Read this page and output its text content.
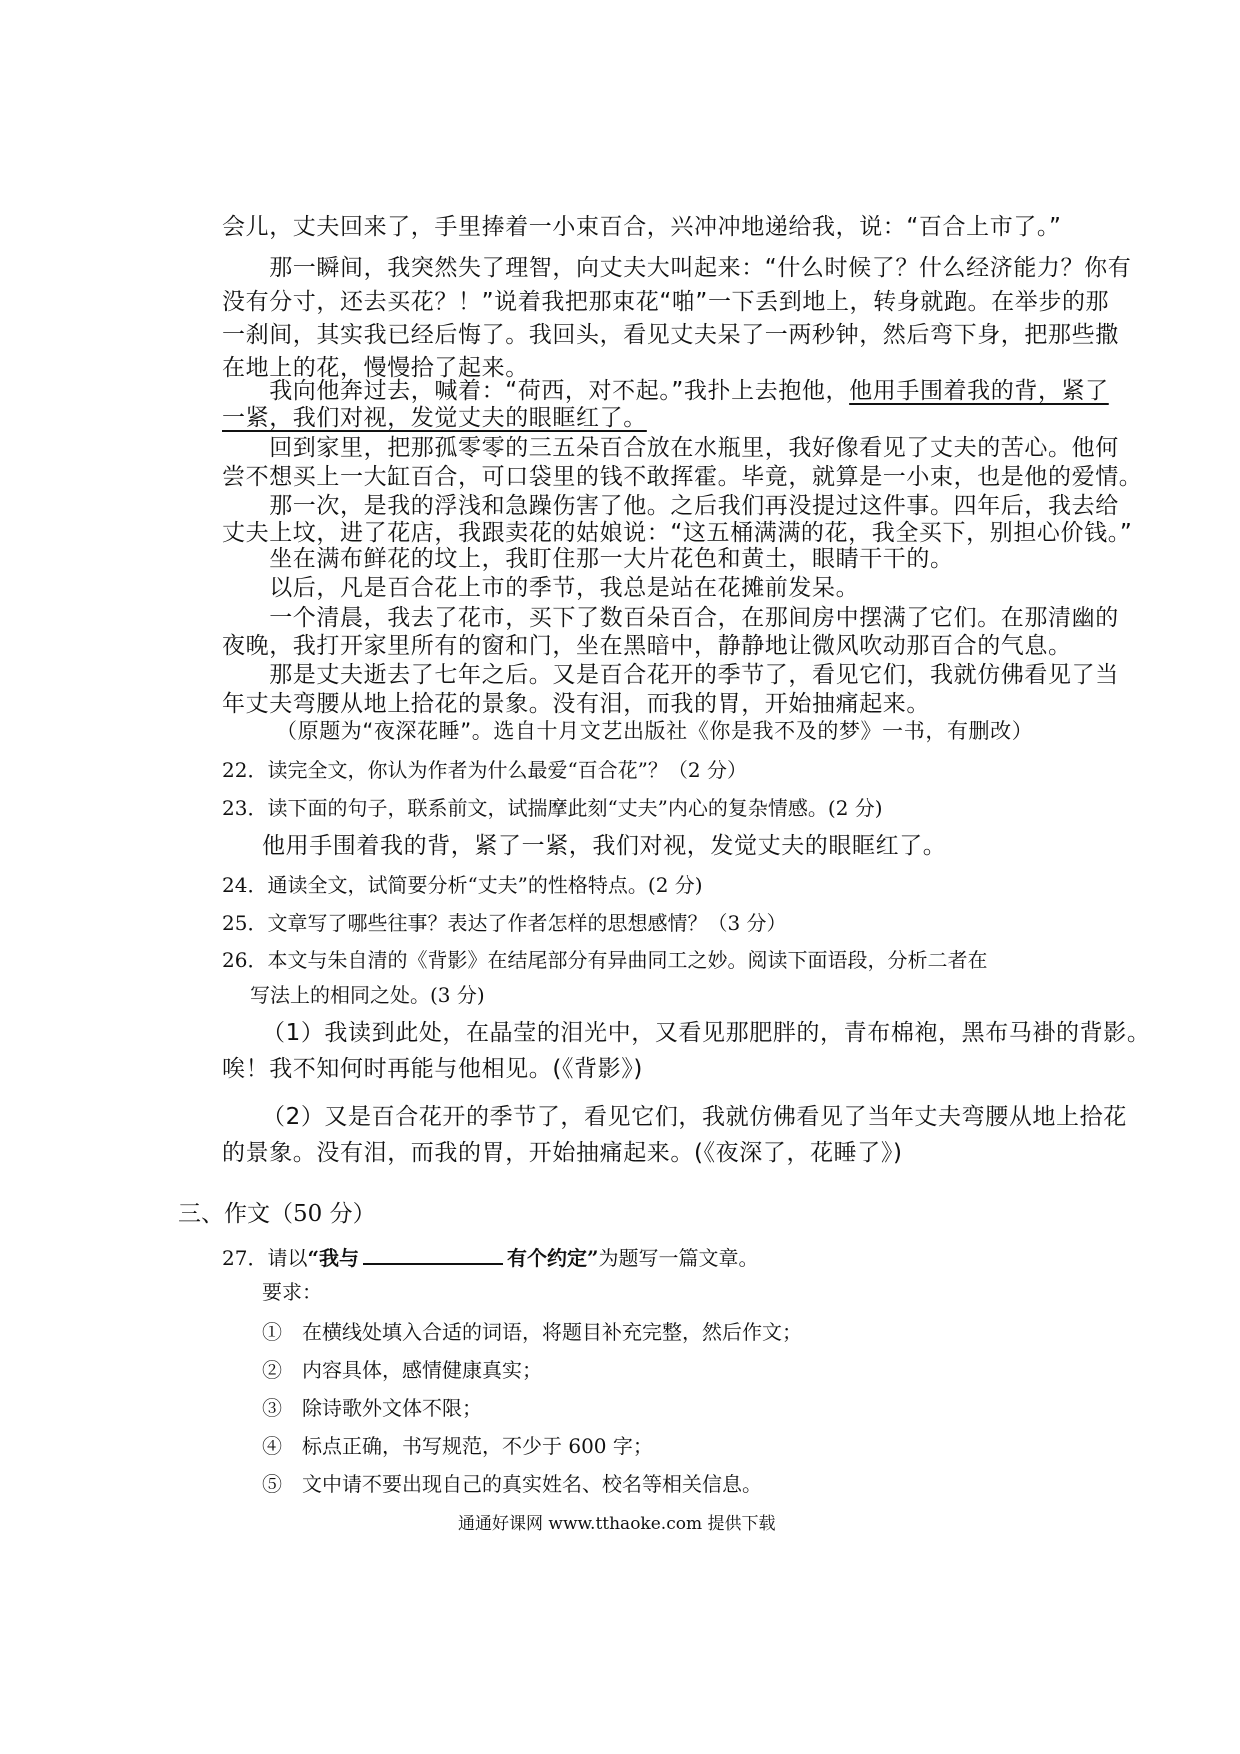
会儿，丈夫回来了，手里捧着一小束百合，兴冲冲地递给我，说：“百合上市了。”
　　那一瞬间，我突然失了理智，向丈夫大叫起来：“什么时候了？什么经济能力？你有
没有分寸，还去买花？！”说着我把那束花“啪”一下丢到地上，转身就跑。在举步的那
一刹间，其实我已经后悔了。我回头，看见丈夫呆了一两秒钟，然后弯下身，把那些撒
在地上的花，慢慢拾了起来。
　　我向他奔过去，喊着：“荷西，对不起。”我扑上去抱他，他用手围着我的背，紧了
一紧，我们对视，发觉丈夫的眼眶红了。
　　回到家里，把那孤零零的三五朵百合放在水瓶里，我好像看见了丈夫的苦心。他何
尝不想买上一大缸百合，可口袋里的钱不敢挥霍。毕竟，就算是一小束，也是他的爱情。
　　那一次，是我的浮浅和急躁伤害了他。之后我们再没提过这件事。四年后，我去给
丈夫上坟，进了花店，我跟卖花的姑娘说：“这五桶满满的花，我全买下，别担心价钱。”
　　坐在满布鲜花的坟上，我盯住那一大片花色和黄土，眼睛干干的。
　　以后，凡是百合花上市的季节，我总是站在花摊前发呆。
　　一个清晨，我去了花市，买下了数百朵百合，在那间房中摆满了它们。在那清幽的
夜晚，我打开家里所有的窗和门，坐在黑暗中，静静地让微风吹动那百合的气息。
　　那是丈夫逝去了七年之后。又是百合花开的季节了，看见它们，我就仿佛看见了当
年丈夫弯腰从地上拾花的景象。没有泪，而我的胃，开始抽痛起来。
（原题为“夜深花睡”。选自十月文艺出版社《你是我不及的梦》一书，有删改）
22．读完全文，你认为作者为什么最爱“百合花”？（2 分）
23．读下面的句子，联系前文，试揣摩此刻“丈夫”内心的复杂情感。(2 分)
他用手围着我的背，紧了一紧，我们对视，发觉丈夫的眼眶红了。
24．通读全文，试简要分析“丈夫”的性格特点。(2 分)
25．文章写了哪些往事？表达了作者怎样的思想感情？（3 分）
26．本文与朱自清的《背影》在结尾部分有异曲同工之妙。阅读下面语段，分析二者在
写法上的相同之处。(3 分)
（1）我读到此处，在晶莹的泪光中，又看见那肥胖的，青布棉袍，黑布马褂的背影。
唉！我不知何时再能与他相见。(《背影》)
（2）又是百合花开的季节了，看见它们，我就仿佛看见了当年丈夫弯腰从地上拾花
的景象。没有泪，而我的胃，开始抽痛起来。(《夜深了，花睡了》)
三、作文（50 分）
27．请以“我与	有个约定”为题写一篇文章。
要求：
①　在横线处填入合适的词语，将题目补充完整，然后作文；
②　内容具体，感情健康真实；
③　除诗歌外文体不限；
④　标点正确，书写规范，不少于 600 字；
⑤　文中请不要出现自己的真实姓名、校名等相关信息。
通通好课网 www.tthaoke.com 提供下载
